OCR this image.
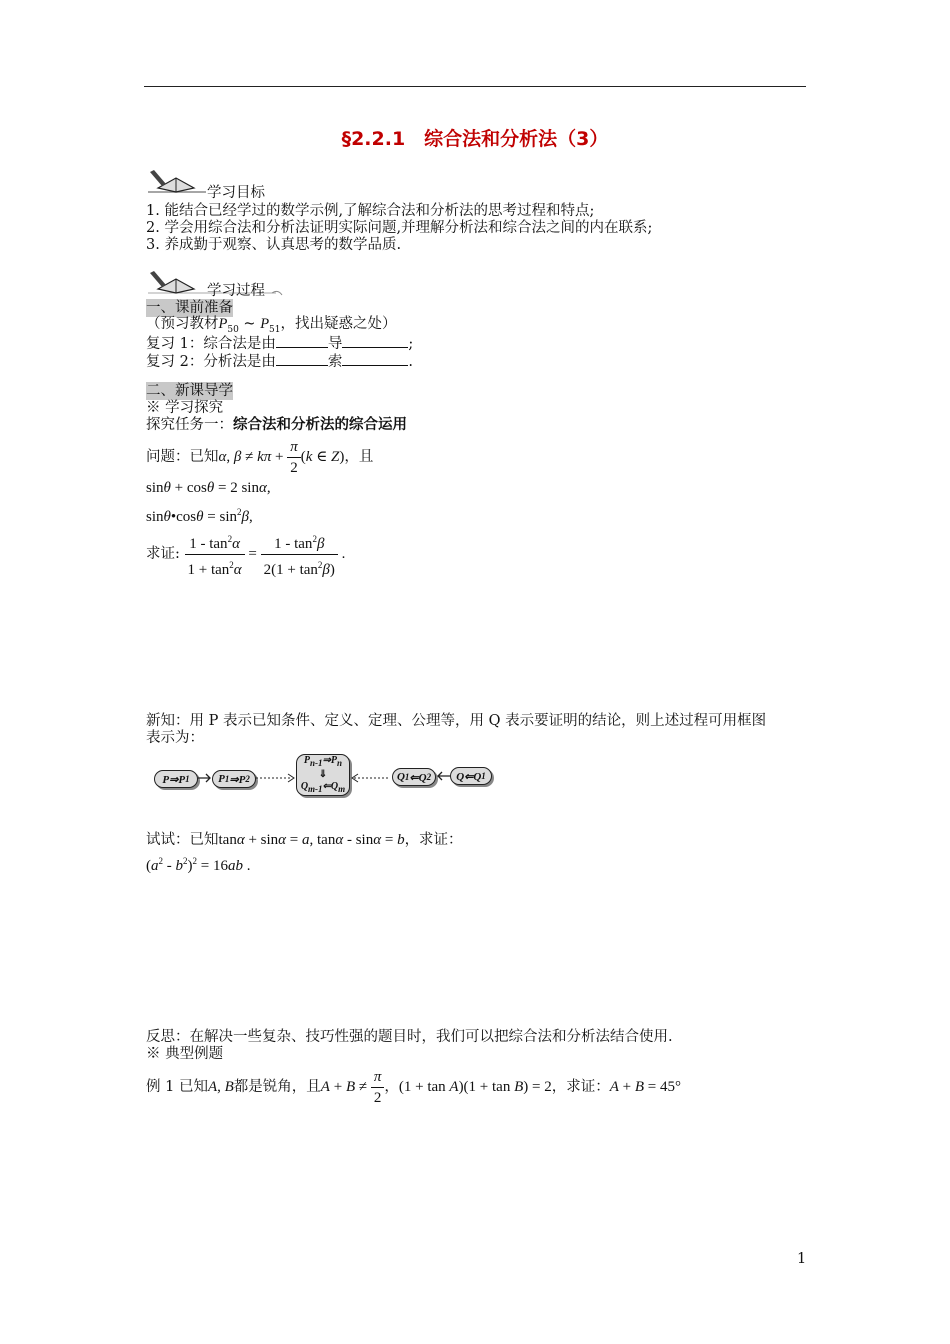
§2.2.1　综合法和分析法（3）
学习目标
1. 能结合已经学过的数学示例,了解综合法和分析法的思考过程和特点;
2. 学会用综合法和分析法证明实际问题,并理解分析法和综合法之间的内在联系;
3. 养成勤于观察、认真思考的数学品质.
学习过程
一、课前准备
（预习教材$P_{50}$ ~ $P_{51}$，找出疑惑之处）
复习 1：综合法是由	导	;
复习 2：分析法是由	索	.
二、新课导学
※ 学习探究
探究任务一：综合法和分析法的综合运用
问题：已知α, $\beta \ne k\pi + \frac{\pi}{2} (k$ ∈ Z)，且
sinθ + cosθ = 2 sinα,
sinθ•cosθ = $\sin^2\beta$,
求证: $\frac{1 - \tan^2\alpha}{1 + \tan^2\alpha} = \frac{1 - \tan^2\beta}{2(1 + \tan^2\beta)}$ .
新知：用 P 表示已知条件、定义、定理、公理等，用 Q 表示要证明的结论，则上述过程可用框图
表示为：
P⇒P 1	P 1 ⇒P 2
$P_{n-1}\Rightarrow P_n$
⇓
$Q_{m-1}⇐Q_m$
Q 1 ⇐Q 2	Q⇐Q 1
试试：已知tanα + sinα = a, tanα - sinα = b，求证：
$(a^2 - b^2)^2 = 16ab$ .
反思：在解决一些复杂、技巧性强的题目时，我们可以把综合法和分析法结合使用.
※ 典型例题
例 1 已知A, B都是锐角，且$A + B \ne \frac{\pi}{2}$ ，(1 + tan A)(1 + tan B) = 2，求证：A + B = 45°
1
